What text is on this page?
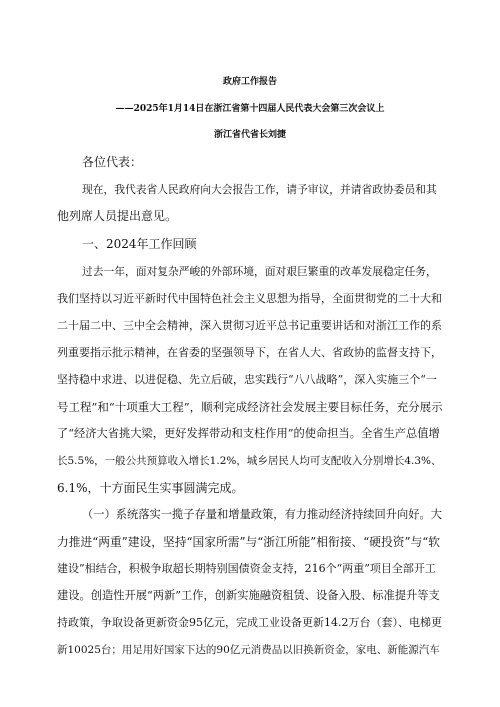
政府工作报告
——2025年1月14日在浙江省第十四届人民代表大会第三次会议上
浙江省代省长刘捷
各位代表：
现在，我代表省人民政府向大会报告工作，请予审议，并请省政协委员和其
他列席人员提出意见。
一、2024年工作回顾
过去一年，面对复杂严峻的外部环境，面对艰巨繁重的改革发展稳定任务，
我们坚持以习近平新时代中国特色社会主义思想为指导，全面贯彻党的二十大和
二十届二中、三中全会精神，深入贯彻习近平总书记重要讲话和对浙江工作的系
列重要指示批示精神，在省委的坚强领导下，在省人大、省政协的监督支持下，
坚持稳中求进、以进促稳、先立后破，忠实践行“八八战略”，深入实施三个“一
号工程”和“十项重大工程”，顺利完成经济社会发展主要目标任务，充分展示
了“经济大省挑大梁，更好发挥带动和支柱作用”的使命担当。全省生产总值增
长5.5%，一般公共预算收入增长1.2%，城乡居民人均可支配收入分别增长4.3%、
6.1%，十方面民生实事圆满完成。
（一）系统落实一揽子存量和增量政策，有力推动经济持续回升向好。大
力推进“两重”建设，坚持“国家所需”与“浙江所能”相衔接、“硬投资”与“软
建设”相结合，积极争取超长期特别国债资金支持，216个“两重”项目全部开工
建设。创造性开展“两新”工作，创新实施融资租赁、设备入股、标准提升等支
持政策，争取设备更新资金95亿元，完成工业设备更新14.2万台（套）、电梯更
新10025台；用足用好国家下达的90亿元消费品以旧换新资金，家电、新能源汽车
